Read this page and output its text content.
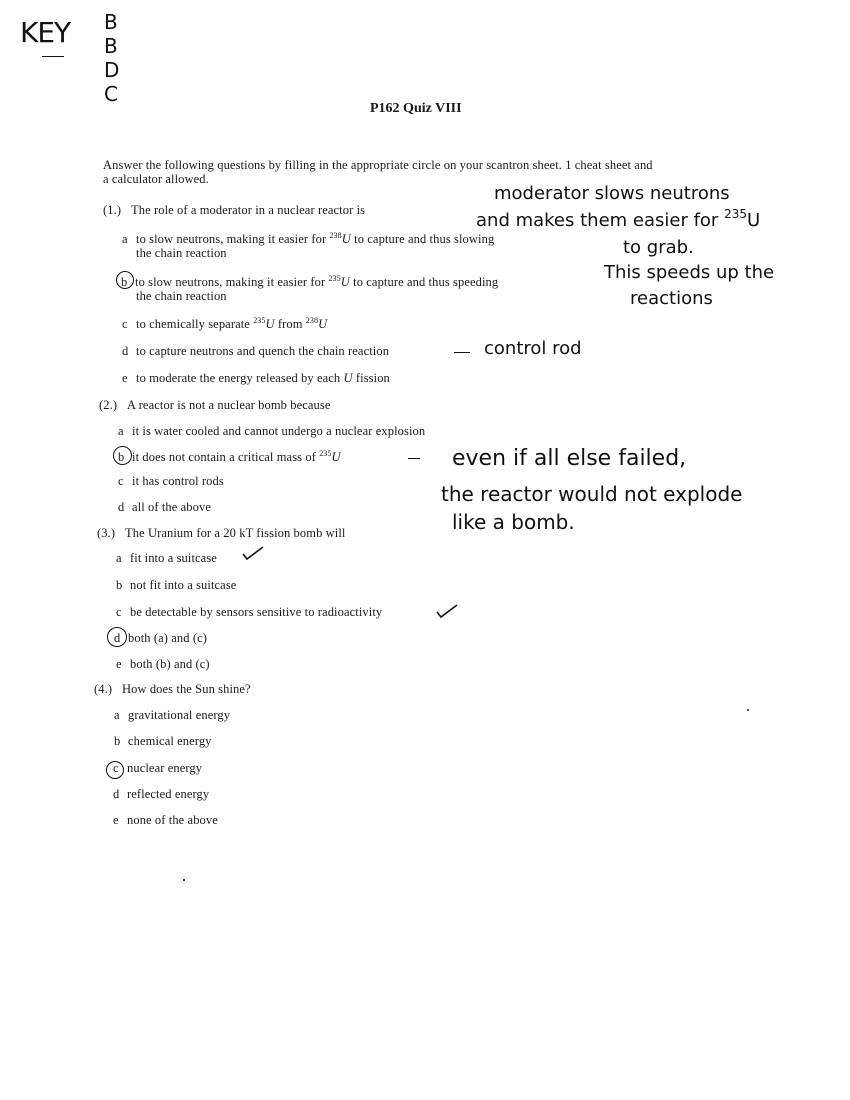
KEY B
B
D
C
P162 Quiz VIII
Answer the following questions by filling in the appropriate circle on your scantron sheet. 1 cheat sheet and
a calculator allowed.
(1.) The role of a moderator in a nuclear reactor is
a to slow neutrons, making it easier for $^{238}$U to capture and thus slowing
the chain reaction
b to slow neutrons, making it easier for $^{235}$U to capture and thus speeding
the chain reaction
c to chemically separate $^{235}$U from $^{238}$U
d to capture neutrons and quench the chain reaction
e to moderate the energy released by each U fission
(2.) A reactor is not a nuclear bomb because
a it is water cooled and cannot undergo a nuclear explosion
b it does not contain a critical mass of $^{235}$U
c it has control rods
d all of the above
(3.) The Uranium for a 20 kT fission bomb will
a fit into a suitcase
b not fit into a suitcase
c be detectable by sensors sensitive to radioactivity
d both (a) and (c)
e both (b) and (c)
(4.) How does the Sun shine?
a gravitational energy
b chemical energy
c nuclear energy
d reflected energy
e none of the above
moderator slows neutrons
and makes them easier for $^{235}$U
to grab.
This speeds up the
reactions
control rod
even if all else failed,
the reactor would not explode
like a bomb.
